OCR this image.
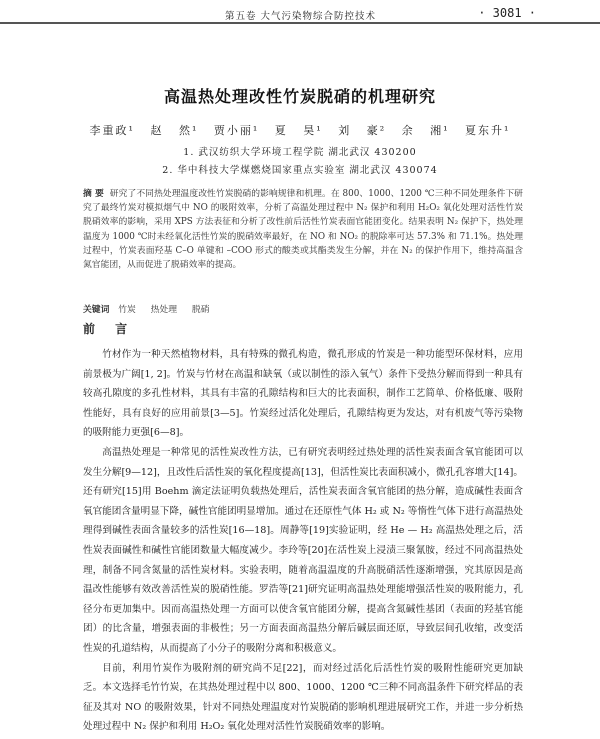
第五卷 大气污染物综合防控技术	· 3081 ·
高温热处理改性竹炭脱硝的机理研究
李重政¹ 赵 然¹ 贾小丽¹ 夏 昊¹ 刘 豪² 余 湘¹ 夏东升¹
1. 武汉纺织大学环境工程学院 湖北武汉 430200
2. 华中科技大学煤燃烧国家重点实验室 湖北武汉 430074
摘 要 研究了不同热处理温度改性竹炭脱硝的影响规律和机理。在 800、1000、1200 ℃三种不同处理条件下研究了最终竹炭对模拟烟气中 NO 的吸附效率，分析了高温处理过程中 N₂ 保护和利用 H₂O₂ 氧化处理对活性竹炭脱硝效率的影响，采用 XPS 方法表征和分析了改性前后活性竹炭表面官能团变化。结果表明 N₂ 保护下，热处理温度为 1000 ℃时未经氧化活性竹炭的脱硝效率最好，在 NO 和 NO₂ 的脱除率可达 57.3% 和 71.1%。热处理过程中，竹炭表面羟基 C–O 单键和 –COO 形式的酸类或其酯类发生分解，并在 N₂ 的保护作用下，维持高温含氮官能团，从而促进了脱硝效率的提高。
关键词 竹炭 热处理 脱硝
前 言

竹材作为一种天然植物材料，具有特殊的微孔构造，微孔形成的竹炭是一种功能型环保材料，应用前景极为广阔[1, 2]。竹炭与竹材在高温和缺氧（或以制性的添入氧气）条件下受热分解而得到一种具有较高孔隙度的多孔性材料，其具有丰富的孔隙结构和巨大的比表面积，制作工艺简单、价格低廉、吸附性能好，具有良好的应用前景[3—5]。竹炭经过活化处理后，孔隙结构更为发达，对有机废气等污染物的吸附能力更强[6—8]。

高温热处理是一种常见的活性炭改性方法，已有研究表明经过热处理的活性炭表面含氧官能团可以发生分解[9—12]，且改性后活性炭的氧化程度提高[13]，但活性炭比表面积减小，微孔孔容增大[14]。还有研究[15]用 Boehm 滴定法证明负载热处理后，活性炭表面含氧官能团的热分解，造成碱性表面含氧官能团含量明显下降，碱性官能团明显增加。通过在还原性气体 H₂ 或 N₂ 等惰性气体下进行高温热处理得到碱性表面含量较多的活性炭[16—18]。周静等[19]实验证明，经 He — H₂ 高温热处理之后，活性炭表面碱性和碱性官能团数量大幅度减少。李玲等[20]在活性炭上浸渍三聚氰胺，经过不同高温热处理，制备不同含氮量的活性炭材料。实验表明，随着高温温度的升高脱硝活性逐渐增强，究其原因是高温改性能够有效改善活性炭的脱硝性能。罗浩等[21]研究证明高温热处理能增强活性炭的吸附能力，孔径分布更加集中。因而高温热处理一方面可以使含氧官能团分解，提高含氮碱性基团（表面的羟基官能团）的比含量，增强表面的非极性；另一方面表面高温热分解后碱层面还原，导致层间孔收缩，改变活性炭的孔道结构，从而提高了小分子的吸附分离和积极意义。

目前，利用竹炭作为吸附剂的研究尚不足[22]，而对经过活化后活性竹炭的吸附性能研究更加缺乏。本文选择毛竹竹炭，在其热处理过程中以 800、1000、1200 ℃三种不同高温条件下研究样品的表征及其对 NO 的吸附效果，针对不同热处理温度对竹炭脱硝的影响机理进展研究工作，并进一步分析热处理过程中 N₂ 保护和利用 H₂O₂ 氧化处理对活性竹炭脱硝效率的影响。
